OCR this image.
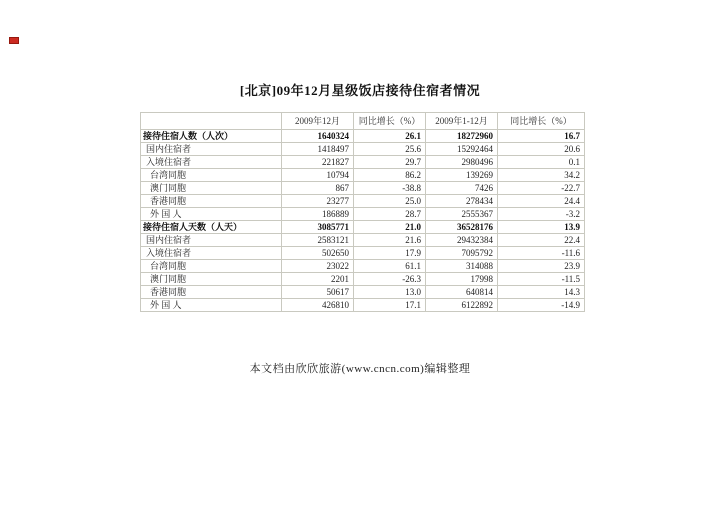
[北京]09年12月星级饭店接待住宿者情况
	2009年12月	同比增长（%）	2009年1-12月	同比增长（%）
接待住宿人数（人次）	1640324	26.1	18272960	16.7
国内住宿者	1418497	25.6	15292464	20.6
入境住宿者	221827	29.7	2980496	0.1
台湾同胞	10794	86.2	139269	34.2
澳门同胞	867	-38.8	7426	-22.7
香港同胞	23277	25.0	278434	24.4
外 国 人	186889	28.7	2555367	-3.2
接待住宿人天数（人天）	3085771	21.0	36528176	13.9
国内住宿者	2583121	21.6	29432384	22.4
入境住宿者	502650	17.9	7095792	-11.6
台湾同胞	23022	61.1	314088	23.9
澳门同胞	2201	-26.3	17998	-11.5
香港同胞	50617	13.0	640814	14.3
外 国 人	426810	17.1	6122892	-14.9
本文档由欣欣旅游(www.cncn.com)编辑整理
